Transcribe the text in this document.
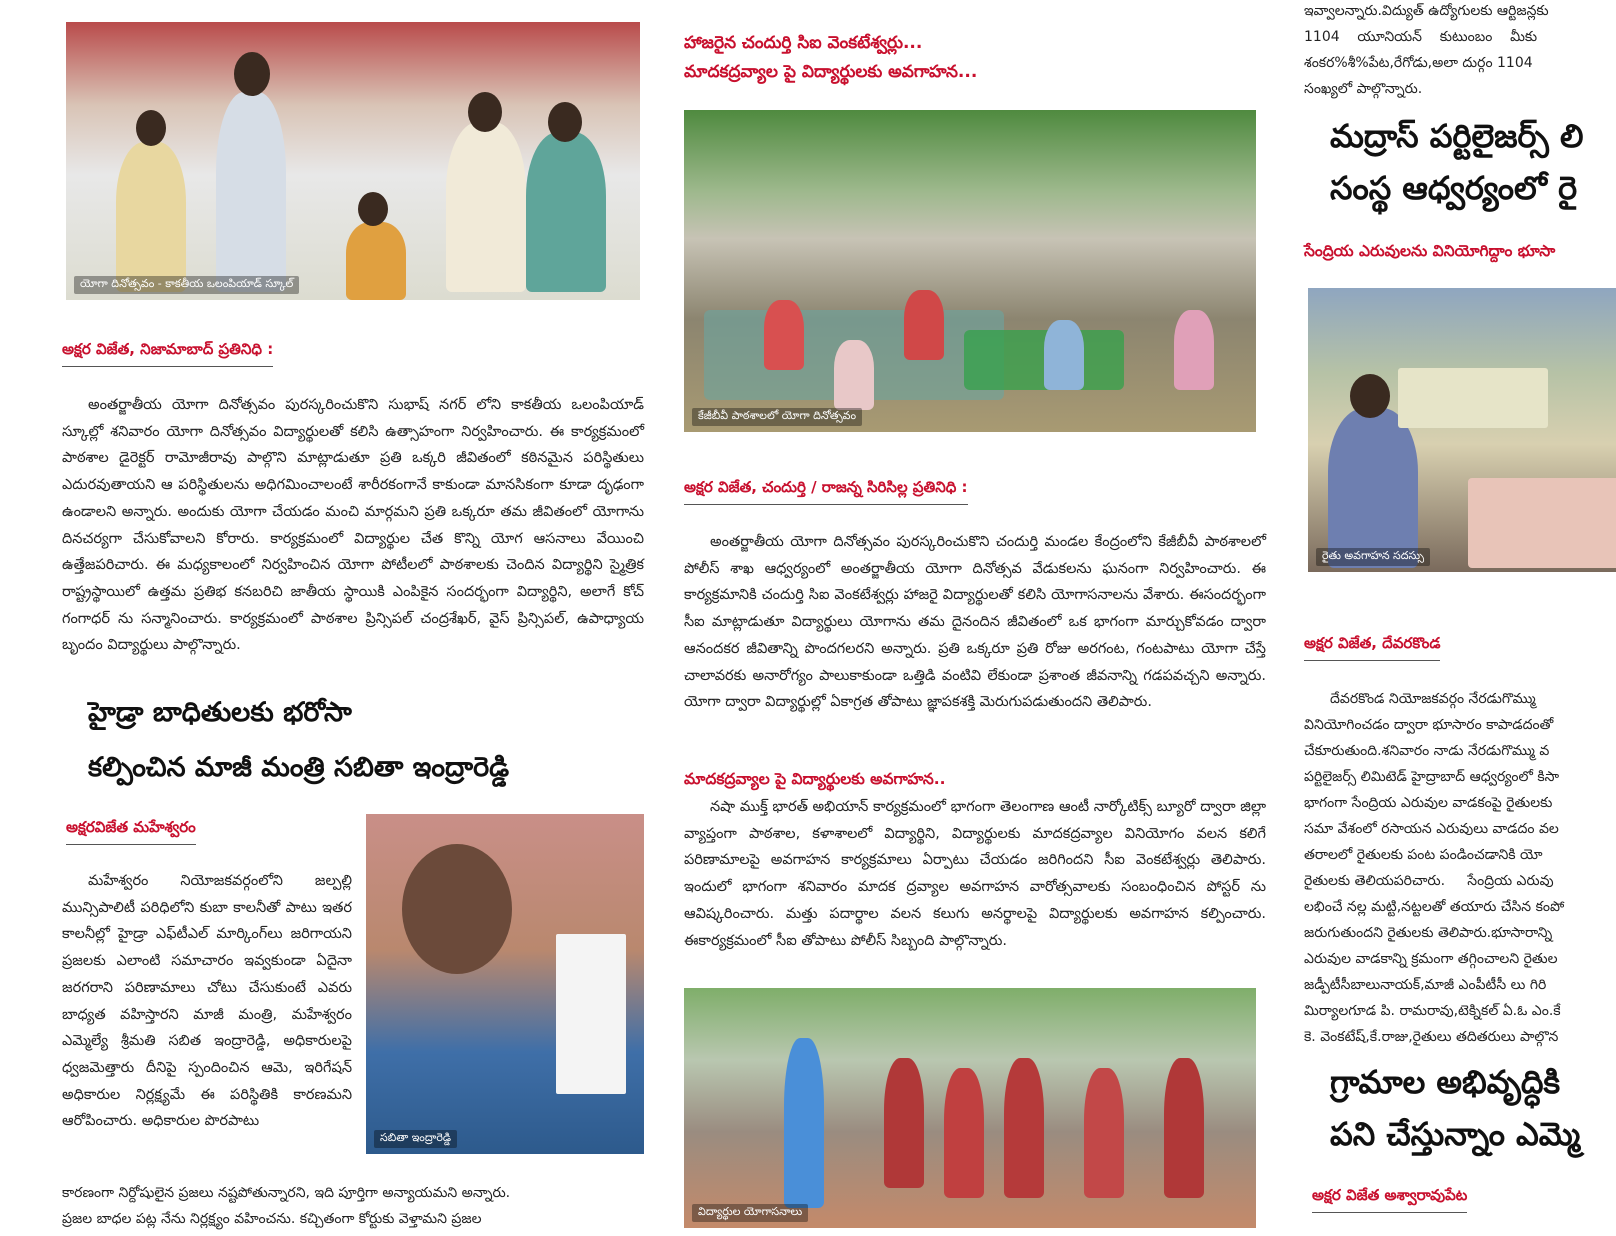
యోగా దినోత్సవం - కాకతీయ ఒలంపియాడ్ స్కూల్
అక్షర విజేత, నిజామాబాద్ ప్రతినిధి :

అంతర్జాతీయ యోగా దినోత్సవం పురస్కరించుకొని సుభాష్ నగర్ లోని కాకతీయ ఒలంపియాడ్ స్కూల్లో శనివారం యోగా దినోత్సవం విద్యార్థులతో కలిసి ఉత్సాహంగా నిర్వహించారు. ఈ కార్యక్రమంలో పాఠశాల డైరెక్టర్ రామోజీరావు పాల్గొని మాట్లాడుతూ ప్రతి ఒక్కరి జీవితంలో కఠినమైన పరిస్థితులు ఎదురవుతాయని ఆ పరిస్థితులను అధిగమించాలంటే శారీరకంగానే కాకుండా మానసికంగా కూడా దృఢంగా ఉండాలని అన్నారు. అందుకు యోగా చేయడం మంచి మార్గమని ప్రతి ఒక్కరూ తమ జీవితంలో యోగాను దినచర్యగా చేసుకోవాలని కోరారు. కార్యక్రమంలో విద్యార్థుల చేత కొన్ని యోగ ఆసనాలు వేయించి ఉత్తేజపరిచారు. ఈ మధ్యకాలంలో నిర్వహించిన యోగా పోటీలలో పాఠశాలకు చెందిన విద్యార్థిని స్మైత్రిక రాష్ట్రస్థాయిలో ఉత్తమ ప్రతిభ కనబరిచి జాతీయ స్థాయికి ఎంపికైన సందర్భంగా విద్యార్థిని, అలాగే కోచ్ గంగాధర్ ను సన్మానించారు. కార్యక్రమంలో పాఠశాల ప్రిన్సిపల్ చంద్రశేఖర్, వైస్ ప్రిన్సిపల్, ఉపాధ్యాయ బృందం విద్యార్థులు పాల్గొన్నారు.

హైడ్రా బాధితులకు భరోసా
కల్పించిన మాజీ మంత్రి సబితా ఇంద్రారెడ్డి
అక్షరవిజేత మహేశ్వరం
సబితా ఇంద్రారెడ్డి

మహేశ్వరం నియోజకవర్గంలోని జల్పల్లి మున్సిపాలిటీ పరిధిలోని కుబా కాలనీతో పాటు ఇతర కాలనీల్లో హైడ్రా ఎఫ్‌టీఎల్ మార్కింగ్‌లు జరిగాయని ప్రజలకు ఎలాంటి సమాచారం ఇవ్వకుండా ఏదైనా జరగరాని పరిణామాలు చోటు చేసుకుంటే ఎవరు బాధ్యత వహిస్తారని మాజీ మంత్రి, మహేశ్వరం ఎమ్మెల్యే శ్రీమతి సబిత ఇంద్రారెడ్డి, అధికారులపై ధ్వజమెత్తారు దీనిపై స్పందించిన ఆమె, ఇరిగేషన్ అధికారుల నిర్లక్ష్యమే ఈ పరిస్థితికి కారణమని ఆరోపించారు. అధికారుల పొరపాటు

కారణంగా నిర్దోషులైన ప్రజలు నష్టపోతున్నారని, ఇది పూర్తిగా అన్యాయమని అన్నారు.

ప్రజల బాధల పట్ల నేను నిర్లక్ష్యం వహించను. కచ్చితంగా కోర్టుకు వెళ్తామని ప్రజల

హాజరైన చందుర్తి సిఐ వెంకటేశ్వర్లు...

మాదకద్రవ్యాల పై విద్యార్థులకు అవగాహన...

కేజీబీవీ పాఠశాలలో యోగా దినోత్సవం
అక్షర విజేత, చందుర్తి / రాజన్న సిరిసిల్ల ప్రతినిధి :

అంతర్జాతీయ యోగా దినోత్సవం పురస్కరించుకొని చందుర్తి మండల కేంద్రంలోని కేజీబీవీ పాఠశాలలో పోలీస్ శాఖ ఆధ్వర్యంలో అంతర్జాతీయ యోగా దినోత్సవ వేడుకలను ఘనంగా నిర్వహించారు. ఈ కార్యక్రమానికి చందుర్తి సిఐ వెంకటేశ్వర్లు హాజరై విద్యార్థులతో కలిసి యోగాసనాలను వేశారు. ఈసందర్భంగా సీఐ మాట్లాడుతూ విద్యార్థులు యోగాను తమ దైనందిన జీవితంలో ఒక భాగంగా మార్చుకోవడం ద్వారా ఆనందకర జీవితాన్ని పొందగలరని అన్నారు. ప్రతి ఒక్కరూ ప్రతి రోజు అరగంట, గంటపాటు యోగా చేస్తే చాలావరకు అనారోగ్యం పాలుకాకుండా ఒత్తిడి వంటివి లేకుండా ప్రశాంత జీవనాన్ని గడపవచ్చని అన్నారు. యోగా ద్వారా విద్యార్థుల్లో ఏకాగ్రత తోపాటు జ్ఞాపకశక్తి మెరుగుపడుతుందని తెలిపారు.

మాదకద్రవ్యాల పై విద్యార్థులకు అవగాహన..

నషా ముక్త్ భారత్ అభియాన్ కార్యక్రమంలో భాగంగా తెలంగాణ ఆంటీ నార్కోటిక్స్ బ్యూరో ద్వారా జిల్లా వ్యాప్తంగా పాఠశాల, కళాశాలలో విద్యార్థిని, విద్యార్థులకు మాదకద్రవ్యాల వినియోగం వలన కలిగే పరిణామాలపై అవగాహన కార్యక్రమాలు ఏర్పాటు చేయడం జరిగిందని సీఐ వెంకటేశ్వర్లు తెలిపారు. ఇందులో భాగంగా శనివారం మాదక ద్రవ్యాల అవగాహన వారోత్సవాలకు సంబంధించిన పోస్టర్ ను ఆవిష్కరించారు. మత్తు పదార్థాల వలన కలుగు అనర్థాలపై విద్యార్థులకు అవగాహన కల్పించారు. ఈకార్యక్రమంలో సీఐ తోపాటు పోలీస్ సిబ్బంది పాల్గొన్నారు.

విద్యార్థుల యోగాసనాలు

ఇవ్వాలన్నారు.విద్యుత్ ఉద్యోగులకు ఆర్టిజన్లకు

1104    యూనియన్    కుటుంబం    మీకు

శంకర%శీ%పేట,రేగోడు,అలా దుర్గం 1104

సంఖ్యలో పాల్గొన్నారు.

మద్రాస్ పర్టిలైజర్స్ లి
సంస్థ ఆధ్వర్యంలో రై

సేంద్రియ ఎరువులను వినియోగిద్దాం భూసా

రైతు అవగాహన సదస్సు
అక్షర విజేత, దేవరకొండ

దేవరకొండ నియోజకవర్గం నేరడుగొమ్ము

వినియోగించడం ద్వారా భూసారం కాపాడదంతో

చేకూరుతుంది.శనివారం నాడు నేరడుగొమ్ము వ

పర్టిలైజర్స్ లిమిటెడ్ హైద్రాబాద్ ఆధ్వర్యంలో కిసా

భాగంగా సేంద్రియ ఎరువుల వాడకంపై రైతులకు

సమా వేశంలో రసాయన ఎరువులు వాడదం వల

తరాలలో రైతులకు పంట పండించడానికి యో

రైతులకు తెలియపరిచారు.     సేంద్రియ ఎరువు

లభించే నల్ల మట్టి,నట్టలతో తయారు చేసిన కంపో

జరుగుతుందని రైతులకు తెలిపారు.భూసారాన్ని

ఎరువుల వాడకాన్ని క్రమంగా తగ్గించాలని రైతుల

జడ్పీటీసీబాలునాయక్,మాజీ ఎంపీటీసీ లు గిరి

మిర్యాలగూడ పి. రామరావు,టెక్నికల్ ఏ.ఓ ఎం.కే

కె. వెంకటేష్,కే.రాజు,రైతులు తదితరులు పాల్గొన

గ్రామాల అభివృద్ధికి
పని చేస్తున్నాం ఎమ్మె
అక్షర విజేత అశ్వారావుపేట
